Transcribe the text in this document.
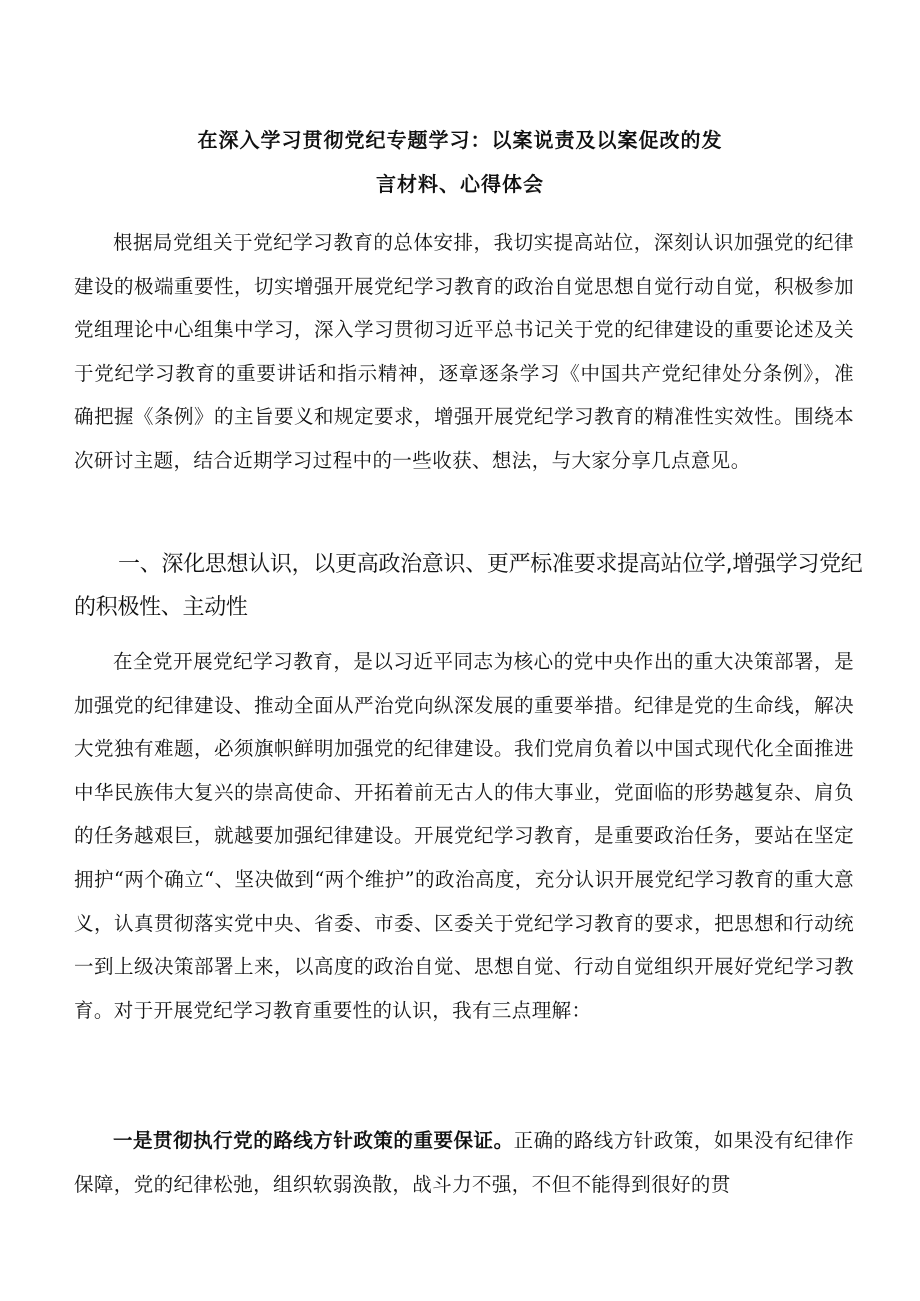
在深入学习贯彻党纪专题学习：以案说责及以案促改的发
言材料、心得体会

根据局党组关于党纪学习教育的总体安排，我切实提高站位，深刻认识加强党的纪律建设的极端重要性，切实增强开展党纪学习教育的政治自觉思想自觉行动自觉，积极参加党组理论中心组集中学习，深入学习贯彻习近平总书记关于党的纪律建设的重要论述及关于党纪学习教育的重要讲话和指示精神，逐章逐条学习《中国共产党纪律处分条例》，准确把握《条例》的主旨要义和规定要求，增强开展党纪学习教育的精准性实效性。围绕本次研讨主题，结合近期学习过程中的一些收获、想法，与大家分享几点意见。

一、深化思想认识，以更高政治意识、更严标准要求提高站位学,增强学习党纪的积极性、主动性

在全党开展党纪学习教育，是以习近平同志为核心的党中央作出的重大决策部署，是加强党的纪律建设、推动全面从严治党向纵深发展的重要举措。纪律是党的生命线，解决大党独有难题，必须旗帜鲜明加强党的纪律建设。我们党肩负着以中国式现代化全面推进中华民族伟大复兴的崇高使命、开拓着前无古人的伟大事业，党面临的形势越复杂、肩负的任务越艰巨，就越要加强纪律建设。开展党纪学习教育，是重要政治任务，要站在坚定拥护“两个确立“、坚决做到“两个维护”的政治高度，充分认识开展党纪学习教育的重大意义，认真贯彻落实党中央、省委、市委、区委关于党纪学习教育的要求，把思想和行动统一到上级决策部署上来，以高度的政治自觉、思想自觉、行动自觉组织开展好党纪学习教育。对于开展党纪学习教育重要性的认识，我有三点理解：

一是贯彻执行党的路线方针政策的重要保证。正确的路线方针政策，如果没有纪律作保障，党的纪律松弛，组织软弱涣散，战斗力不强，不但不能得到很好的贯
